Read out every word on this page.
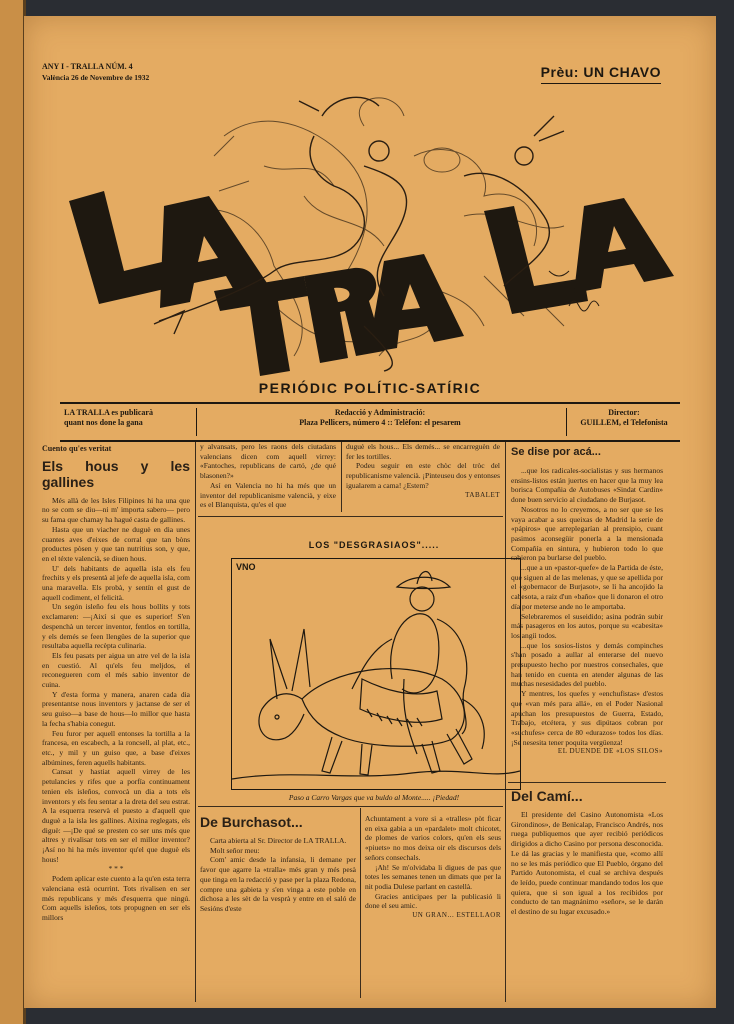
ANY I - TRALLA NÚM. 4
València 26 de Novembre de 1932	Prèu: UN CHAVO
PERIÓDIC POLÍTIC-SATÍRIC
LA TRALLA es publicarà
quant nos done la gana
Redacció y Administració:
Plaza Pellicers, número 4 :: Telèfon: el pesarem
Director:
GUILLEM, el Telefonista
Cuento qu'es veritat
Els hous y les gallines

Més allà de les Isles Filipines hi ha una que no se com se diu—ni m' importa sabero— pero su fama que chamay ha hagué casta de gallines.

Hasta que un viacher ne duguè en dia unes cuantes aves d'eixes de corral que tan bòns productes pòsen y que tan nutritius son, y que, en el téxte valencià, se diuen hous.

U' dels habitants de aquella isla els feu frechits y els presentà al jefe de aquella isla, com una maravella. Els probà, y sentín el gust de aquell codiment, el felicità.

Un segón isleño feu els hous bollits y tots exclamaren: —¡Així si que es superior! S'en despenchà un tercer inventor, fentlos en tortilla, y els demés se feen llengües de la superior que resultaba aquella recèpta culinaria.

Els feu pasats per aigua un atre vel de la isla en cuestió. Al qu'els feu meljdos, el reconegueren com el més sabio inventor de cuina.

Y d'esta forma y manera, anaren cada dia presentantse nous inventors y jactanse de ser el seu guiso—a base de hous—lo millor que hasta la fecha s'habia conegut.

Feu furor per aquell entonses la tortilla a la francesa, en escabech, a la roncsell, al plat, etc., etc., y mil y un guiso que, a base d'eixes albúmines, feren aquells habitants.

Cansat y hastiat aquell virrey de les petulancies y rifes que a porfía continuament tenien els isleños, convocà un dia a tots els inventors y els feu sentar a la dreta del seu estrat. A la esquerra reservà el puesto a d'aquell que duguè a la isla les gallines. Aixina reglegats, els diguè: —¡De qué se presten co ser uns més que altres y rivalisar tots en ser el millor inventor? ¡Así no hi ha més inventor qu'el que duguè els hous!

* * *

Podem aplicar este cuento a la qu'en esta terra valenciana està ocurrint. Tots rivalisen en ser més republicans y més d'esquerra que ningú. Com aquells isleños, tots propugnen en ser els millors

y alvansats, pero les raons dels ciutadans valencians dicen com aquell virrey: «Fantoches, republicans de cartó, ¿de qué blasonen?»

Así en Valencia no hi ha més que un inventor del republicanisme valencià, y eixe es el Blanquista, qu'es el que

duguè els hous... Els demés... se encarreguèn de fer les tortilles.

Podeu seguir en este chòc del tròc del republicanisme valencià. ¡Pinteuseu dos y entonses igualarem a cama! ¿Estem?

TABALET

LOS "DESGRASIAOS".....
VNO
Paso a Carro Vargas que va buldo al Monte..... ¡Piedad!
De Burchasot...

Carta abierta al Sr. Director de LA TRALLA.

Molt señor meu:

Com' amic desde la infansia, li demane per favor que agarre la «tralla» més gran y més pesà que tinga en la redacció y pase per la plaza Redona, compre una gabieta y s'en vinga a este poble en dichosa a les sèt de la vesprà y entre en el saló de Sesións d'este

Achuntament a vore si a «tralles» pòt ficar en eixa gabia a un «pardalet» molt chicotet, de plomes de varios colors, qu'en els seus «piuets» no mos deixa oir els discursos dels señors consechals.

¡Ah! Se m'olvidaba li digues de pas que totes les semanes tenen un dimats que per la nit podia Dulese parlant en castellà.

Gracies anticipaes per la publicasió li done el seu amic.

UN GRAN... ESTELLAOR

Se dise por acá...

...que los radicales-socialistas y sus hermanos ensins-listos están juertes en hacer que la muy lea borisca Compañia de Autobuses «Sindat Cardin» done buen servicio al ciudadano de Burjasot.

Nosotros no lo creyemos, a no ser que se les vaya acabar a sus queixas de Madrid la serie de «pápiros» que arreplegarían al prensipio, cuant pasimos aconsegüir ponerla a la mensionada Compañía en sintura, y hubieron todo lo que sabieron pa burlarse del pueblo.

...que a un «pastor-quefe» de la Partida de éste, que siguen al de las melenas, y que se apellida por el «gobernacor de Burjasot», se li ha ancojido la cabesota, a raiz d'un «baño» que li donaron el otro día por meterse ande no le amportaba.

Selebraremos el suseidido; asina podrán subir más pasageros en los autos, porque su «cabesita» los angiì todos.

...que los sosios-listos y demás compinches s'han posado a aullar al enterarse del nuevo presupuesto hecho por nuestros consechales, que han tenido en cuenta en atender algunas de las muchas nesesidades del pueblo.

Y mentres, los quefes y «enchufistas» d'estos que «van més para allá», en el Poder Nasional apuchan los presupuestos de Guerra, Estado, Trabajo, etcétera, y sus dipútaos cobran por «suchufes» cerca de 80 «durazos» todos los días. ¡Se nesesita tener poquita vergüenza!

EL DUENDE DE «LOS SILOS»

Del Camí...

El presidente del Casino Autonomista «Los Girondinos», de Benicalap, Francisco Andrés, nos ruega publiquemos que ayer recibió periódicos dirigidos a dicho Casino por persona desconocida. Le dá las gracias y le manifiesta que, «como allí no se les más periódico que El Pueblo, órgano del Partido Autonomista, el cual se archiva después de leído, puede continuar mandando todos los que quiera, que si son igual a los recibidos por conducto de tan magnánimo «señor», se le darán el destino de su lugar excusado.»
